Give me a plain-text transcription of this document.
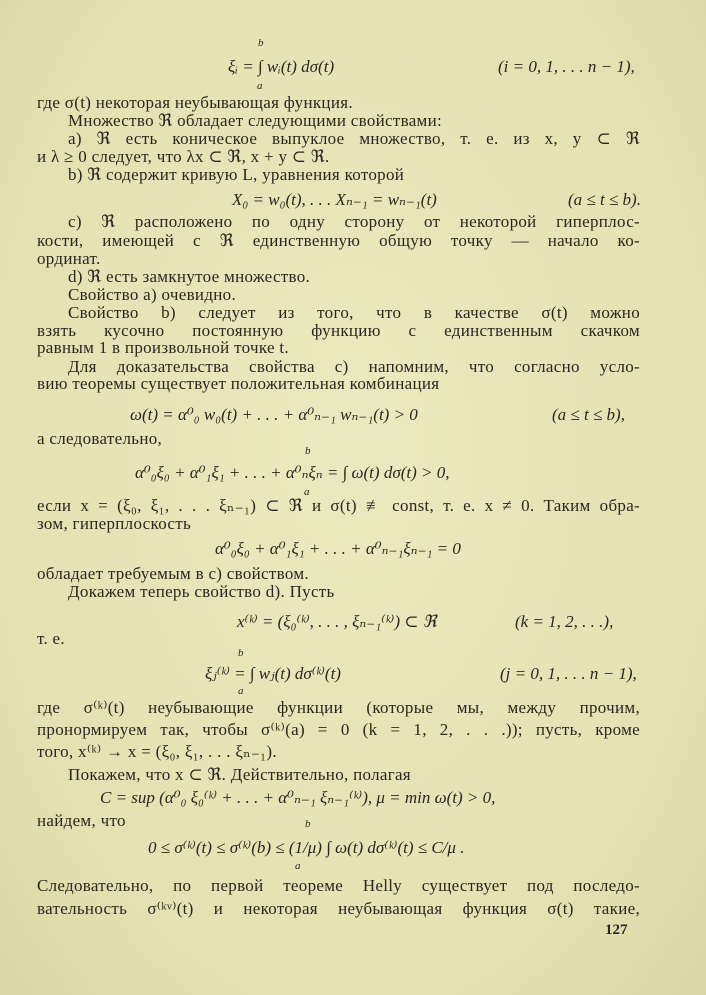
b
ξᵢ = ∫ wᵢ(t) dσ(t)
a
(i = 0, 1, . . . n − 1),
где σ(t) некоторая неубывающая функция.
Множество ℜ обладает следующими свойствами:
a) ℜ есть коническое выпуклое множество, т. е. из x, y ⊂ ℜ
и λ ≥ 0 следует, что λx ⊂ ℜ, x + y ⊂ ℜ.
b) ℜ содержит кривую L, уравнения которой
X₀ = w₀(t), . . . Xₙ₋₁ = wₙ₋₁(t)	(a ≤ t ≤ b).
c) ℜ расположено по одну сторону от некоторой гиперплос-
кости, имеющей с ℜ единственную общую точку — начало ко-
ординат.
d) ℜ есть замкнутое множество.
Свойство a) очевидно.
Свойство b) следует из того, что в качестве σ(t) можно
взять кусочно постоянную функцию с единственным скачком
равным 1 в произвольной точке t.
Для доказательства свойства c) напомним, что согласно усло-
вию теоремы существует положительная комбинация
ω(t) = α⁰₀ w₀(t) + . . . + α⁰ₙ₋₁ wₙ₋₁(t) > 0	(a ≤ t ≤ b),
а следовательно,
b
α⁰₀ξ₀ + α⁰₁ξ₁ + . . . + α⁰ₙξₙ = ∫ ω(t) dσ(t) > 0,
a
если x = (ξ₀, ξ₁, . . . ξₙ₋₁) ⊂ ℜ и σ(t) ≢ const, т. е. x ≠ 0. Таким обра-
зом, гиперплоскость
α⁰₀ξ₀ + α⁰₁ξ₁ + . . . + α⁰ₙ₋₁ξₙ₋₁ = 0
обладает требуемым в c) свойством.
Докажем теперь свойство d). Пусть
x⁽ᵏ⁾ = (ξ₀⁽ᵏ⁾, . . . , ξₙ₋₁⁽ᵏ⁾) ⊂ ℜ	(k = 1, 2, . . .),
т. е.
b
ξⱼ⁽ᵏ⁾ = ∫ wⱼ(t) dσ⁽ᵏ⁾(t)
a
(j = 0, 1, . . . n − 1),
где σ⁽ᵏ⁾(t) неубывающие функции (которые мы, между прочим,
пронормируем так, чтобы σ⁽ᵏ⁾(a) = 0 (k = 1, 2, . . .)); пусть, кроме
того, x⁽ᵏ⁾ → x = (ξ₀, ξ₁, . . . ξₙ₋₁).
Покажем, что x ⊂ ℜ. Действительно, полагая
C = sup (α⁰₀ ξ₀⁽ᵏ⁾ + . . . + α⁰ₙ₋₁ ξₙ₋₁⁽ᵏ⁾), μ = min ω(t) > 0,
найдем, что	b
0 ≤ σ⁽ᵏ⁾(t) ≤ σ⁽ᵏ⁾(b) ≤ (1/μ) ∫ ω(t) dσ⁽ᵏ⁾(t) ≤ C/μ .
a
Следовательно, по первой теореме Helly существует под последо-
вательность σ⁽ᵏᵛ⁾(t) и некоторая неубывающая функция σ(t) такие,
127
